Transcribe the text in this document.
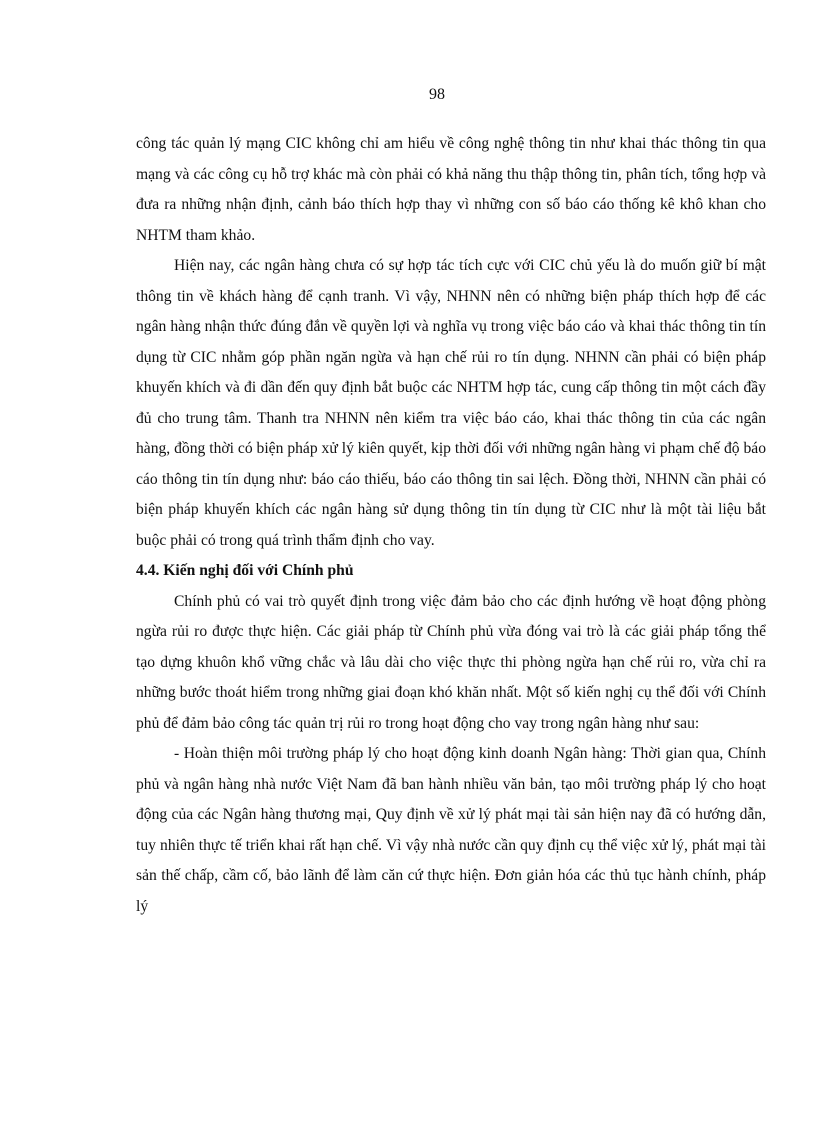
98

công tác quản lý mạng CIC không chỉ am hiểu về công nghệ thông tin như khai thác thông tin qua mạng và các công cụ hỗ trợ khác mà còn phải có khả năng thu thập thông tin, phân tích, tổng hợp và đưa ra những nhận định, cảnh báo thích hợp thay vì những con số báo cáo thống kê khô khan cho NHTM tham khảo.

Hiện nay, các ngân hàng chưa có sự hợp tác tích cực với CIC chủ yếu là do muốn giữ bí mật thông tin về khách hàng để cạnh tranh. Vì vậy, NHNN nên có những biện pháp thích hợp để các ngân hàng nhận thức đúng đắn về quyền lợi và nghĩa vụ trong việc báo cáo và khai thác thông tin tín dụng từ CIC nhằm góp phần ngăn ngừa và hạn chế rủi ro tín dụng. NHNN cần phải có biện pháp khuyến khích và đi dần đến quy định bắt buộc các NHTM hợp tác, cung cấp thông tin một cách đầy đủ cho trung tâm. Thanh tra NHNN nên kiểm tra việc báo cáo, khai thác thông tin của các ngân hàng, đồng thời có biện pháp xử lý kiên quyết, kịp thời đối với những ngân hàng vi phạm chế độ báo cáo thông tin tín dụng như: báo cáo thiếu, báo cáo thông tin sai lệch. Đồng thời, NHNN cần phải có biện pháp khuyến khích các ngân hàng sử dụng thông tin tín dụng từ CIC như là một tài liệu bắt buộc phải có trong quá trình thẩm định cho vay.

4.4. Kiến nghị đối với Chính phủ

Chính phủ có vai trò quyết định trong việc đảm bảo cho các định hướng về hoạt động phòng ngừa rủi ro được thực hiện. Các giải pháp từ Chính phủ vừa đóng vai trò là các giải pháp tổng thể tạo dựng khuôn khổ vững chắc và lâu dài cho việc thực thi phòng ngừa hạn chế rủi ro, vừa chỉ ra những bước thoát hiểm trong những giai đoạn khó khăn nhất. Một số kiến nghị cụ thể đối với Chính phủ để đảm bảo công tác quản trị rủi ro trong hoạt động cho vay trong ngân hàng như sau:

- Hoàn thiện môi trường pháp lý cho hoạt động kinh doanh Ngân hàng: Thời gian qua, Chính phủ và ngân hàng nhà nước Việt Nam đã ban hành nhiều văn bản, tạo môi trường pháp lý cho hoạt động của các Ngân hàng thương mại, Quy định về xử lý phát mại tài sản hiện nay đã có hướng dẫn, tuy nhiên thực tế triển khai rất hạn chế. Vì vậy nhà nước cần quy định cụ thể việc xử lý, phát mại tài sản thế chấp, cầm cố, bảo lãnh để làm căn cứ thực hiện. Đơn giản hóa các thủ tục hành chính, pháp lý
